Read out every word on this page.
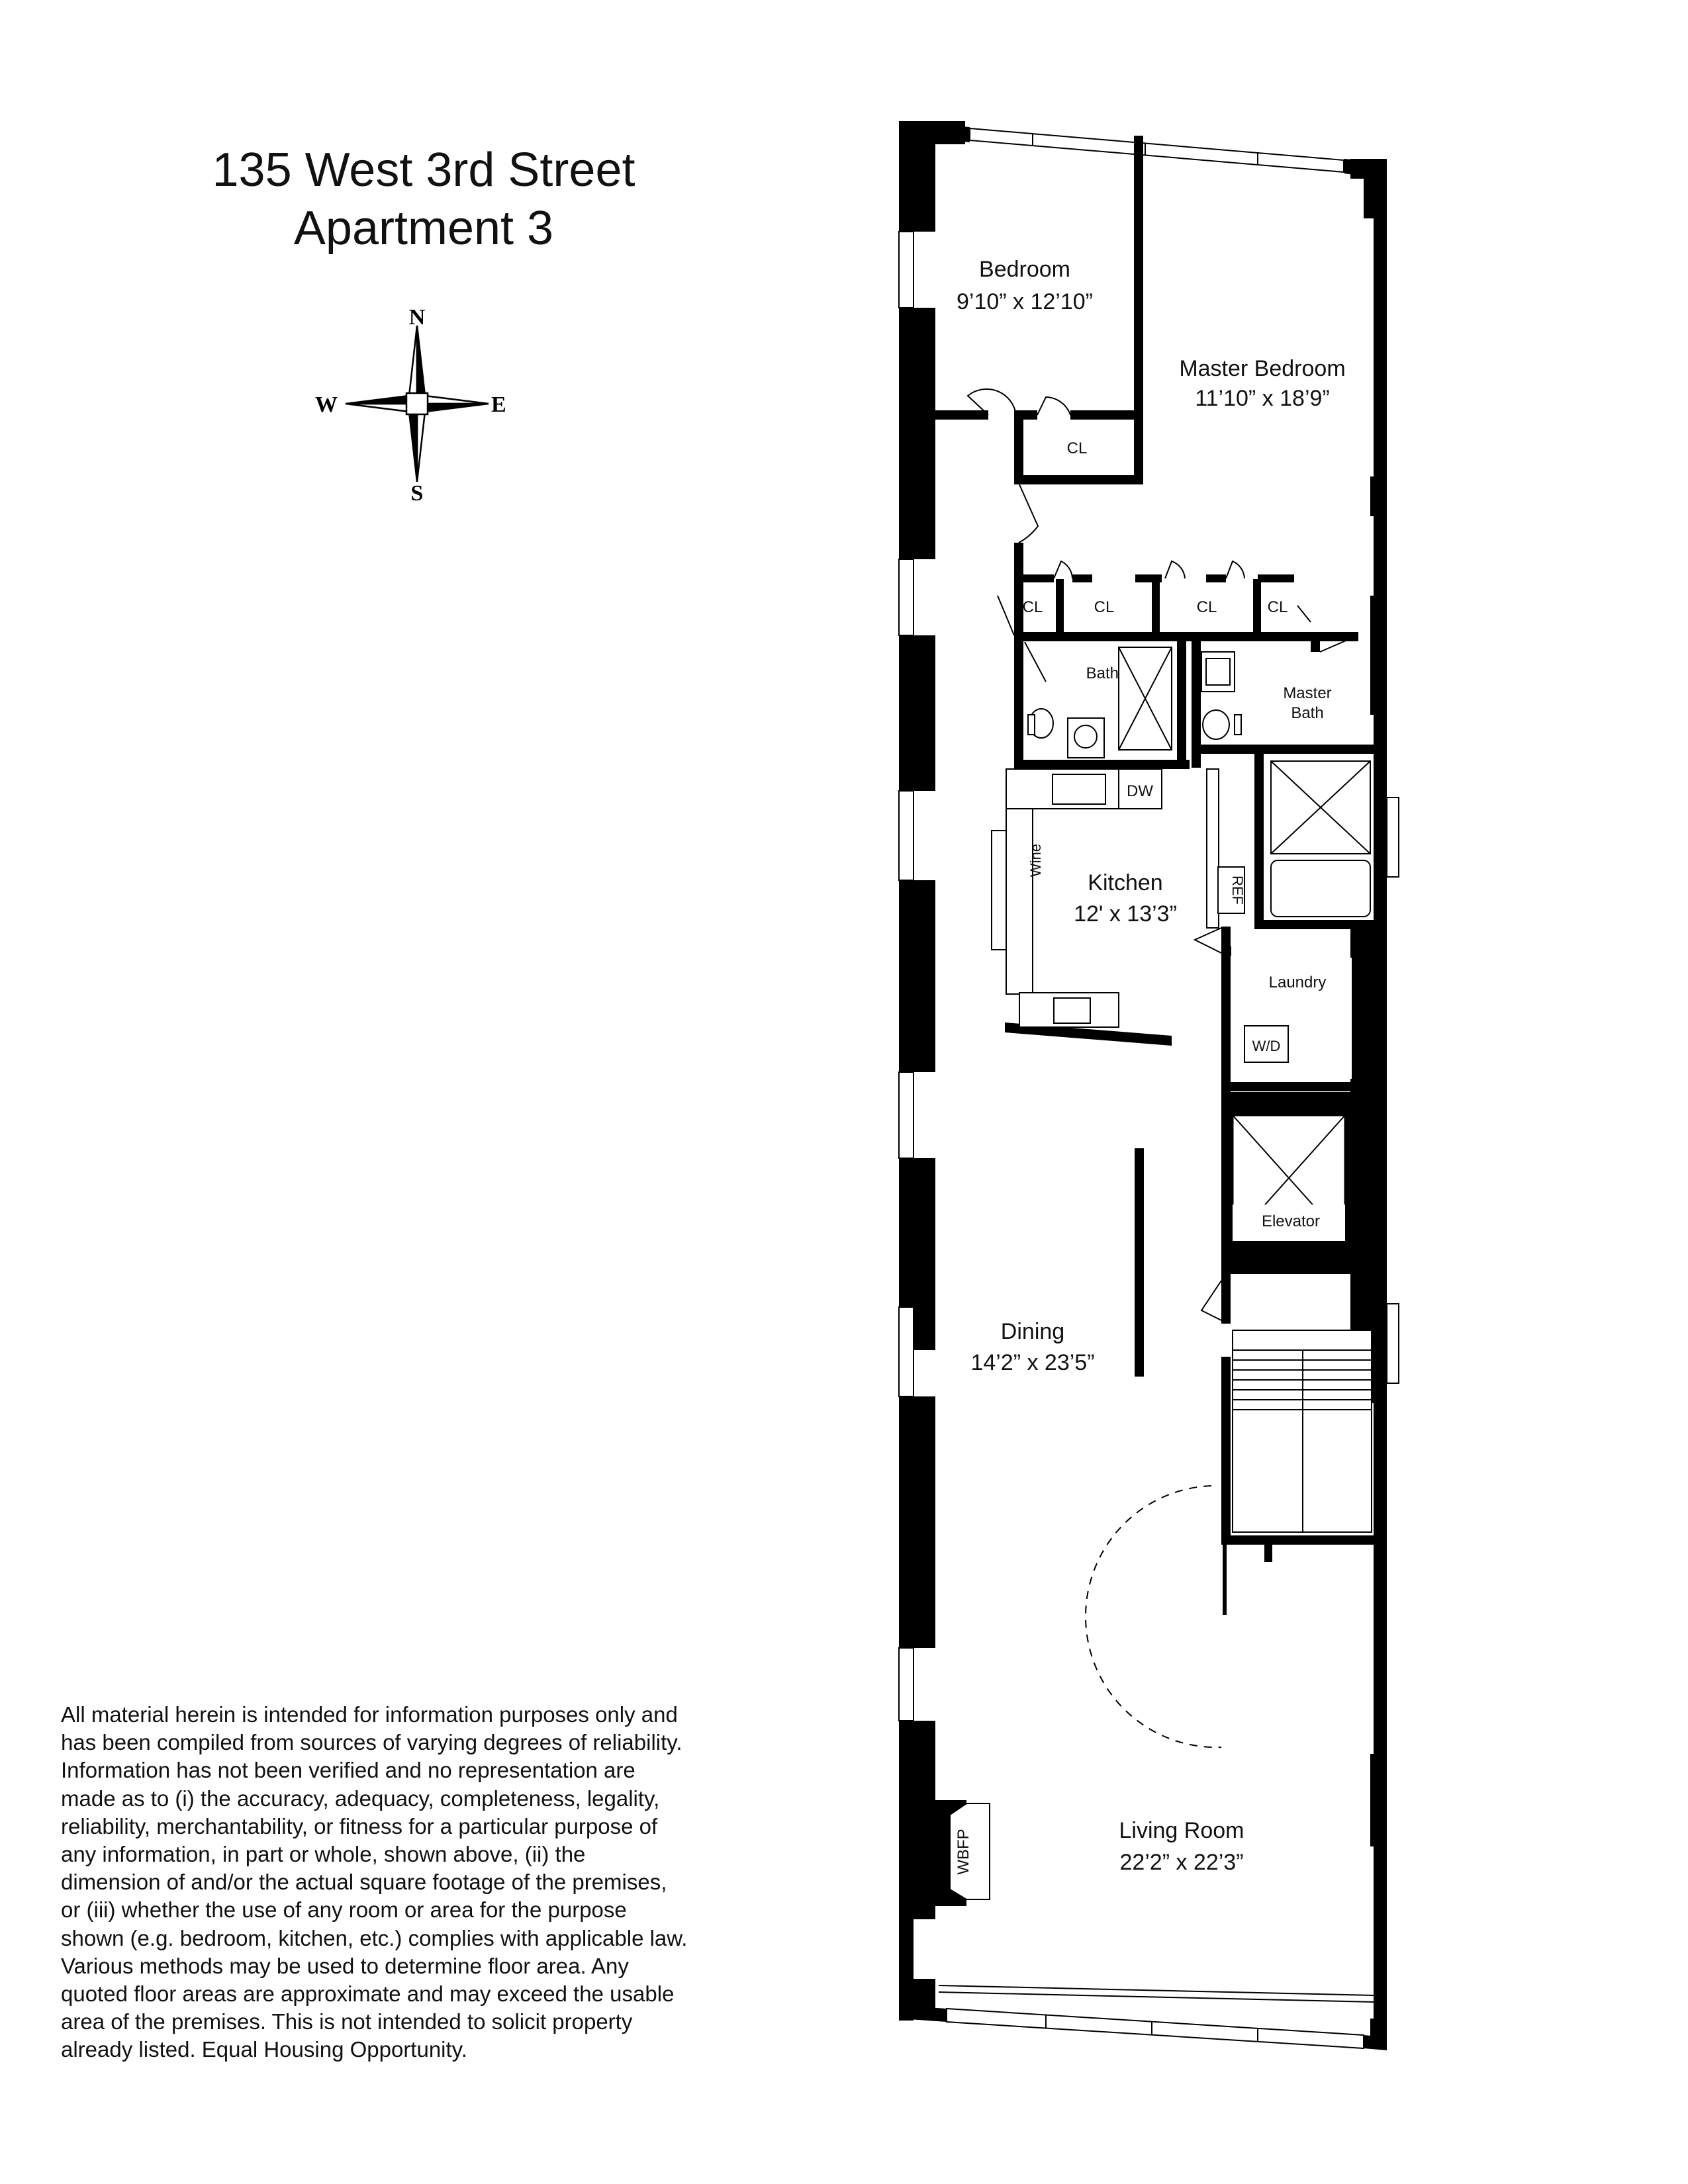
135 West 3rd Street
Apartment 3
N
S
E
W
All material herein is intended for information purposes only and
has been compiled from sources of varying degrees of reliability.
Information has not been verified and no representation are
made as to (i) the accuracy, adequacy, completeness, legality,
reliability, merchantability, or fitness for a particular purpose of
any information, in part or whole, shown above, (ii) the
dimension of and/or the actual square footage of the premises,
or (iii) whether the use of any room or area for the purpose
shown (e.g. bedroom, kitchen, etc.) complies with applicable law.
Various methods may be used to determine floor area. Any
quoted floor areas are approximate and may exceed the usable
area of the premises. This is not intended to solicit property
already listed. Equal Housing Opportunity.
Elevator
W/D
Laundry
CL
CL	CL	CL	CL
Bath
Master
Bath
DW
Wine
REF
WBFP
Bedroom
9’10” x 12’10”
Master Bedroom
11’10” x 18’9”
Kitchen
12' x 13’3”
Dining
14’2” x 23’5”
Living Room
22’2” x 22’3”
